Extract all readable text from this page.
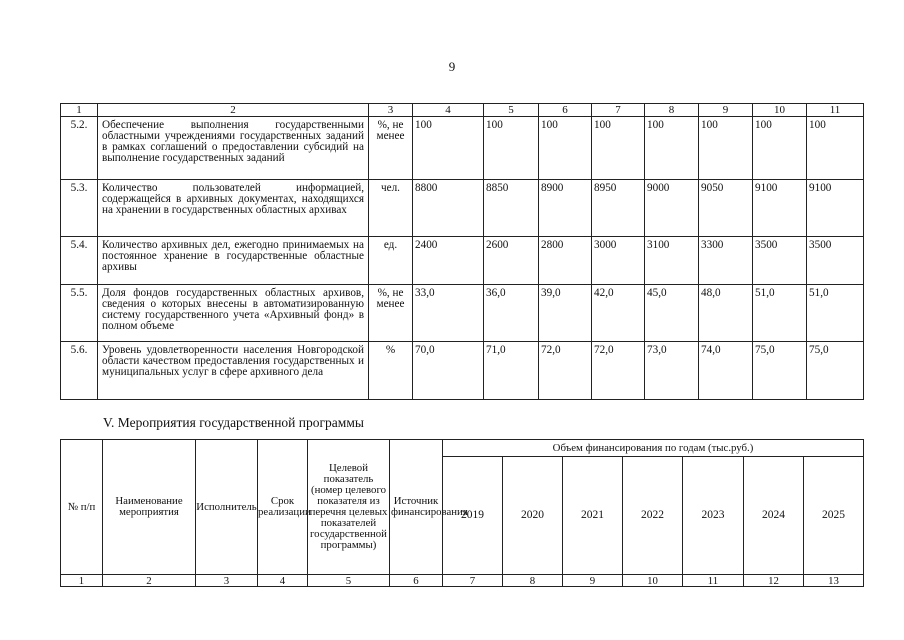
9
1	2	3	4	5	6	7	8	9	10	11
5.2.	Обеспечение выполнения государственными областными учреждениями государственных заданий в рамках соглашений о предоставлении субсидий на выполнение государственных заданий	%, не менее	100	100	100	100	100	100	100	100
5.3.	Количество пользователей информацией, содержащейся в архивных документах, находящихся на хранении в государственных областных архивах	чел.	8800	8850	8900	8950	9000	9050	9100	9100
5.4.	Количество архивных дел, ежегодно принимаемых на постоянное хранение в государственные областные архивы	ед.	2400	2600	2800	3000	3100	3300	3500	3500
5.5.	Доля фондов государственных областных архивов, сведения о которых внесены в автоматизированную систему государственного учета «Архивный фонд» в полном объеме	%, не менее	33,0	36,0	39,0	42,0	45,0	48,0	51,0	51,0
5.6.	Уровень удовлетворенности населения Новгородской области качеством предоставления государственных и муниципальных услуг в сфере архивного дела	%	70,0	71,0	72,0	72,0	73,0	74,0	75,0	75,0
V. Мероприятия государственной программы
№ п/п	Наименование мероприятия	Исполнитель	Срок реализации	Целевой показатель (номер целевого показателя из перечня целевых показателей государственной программы)	Источник финансирования	Объем финансирования по годам (тыс.руб.)						
						2019	2020	2021	2022	2023	2024	2025
1	2	3	4	5	6	7	8	9	10	11	12	13
